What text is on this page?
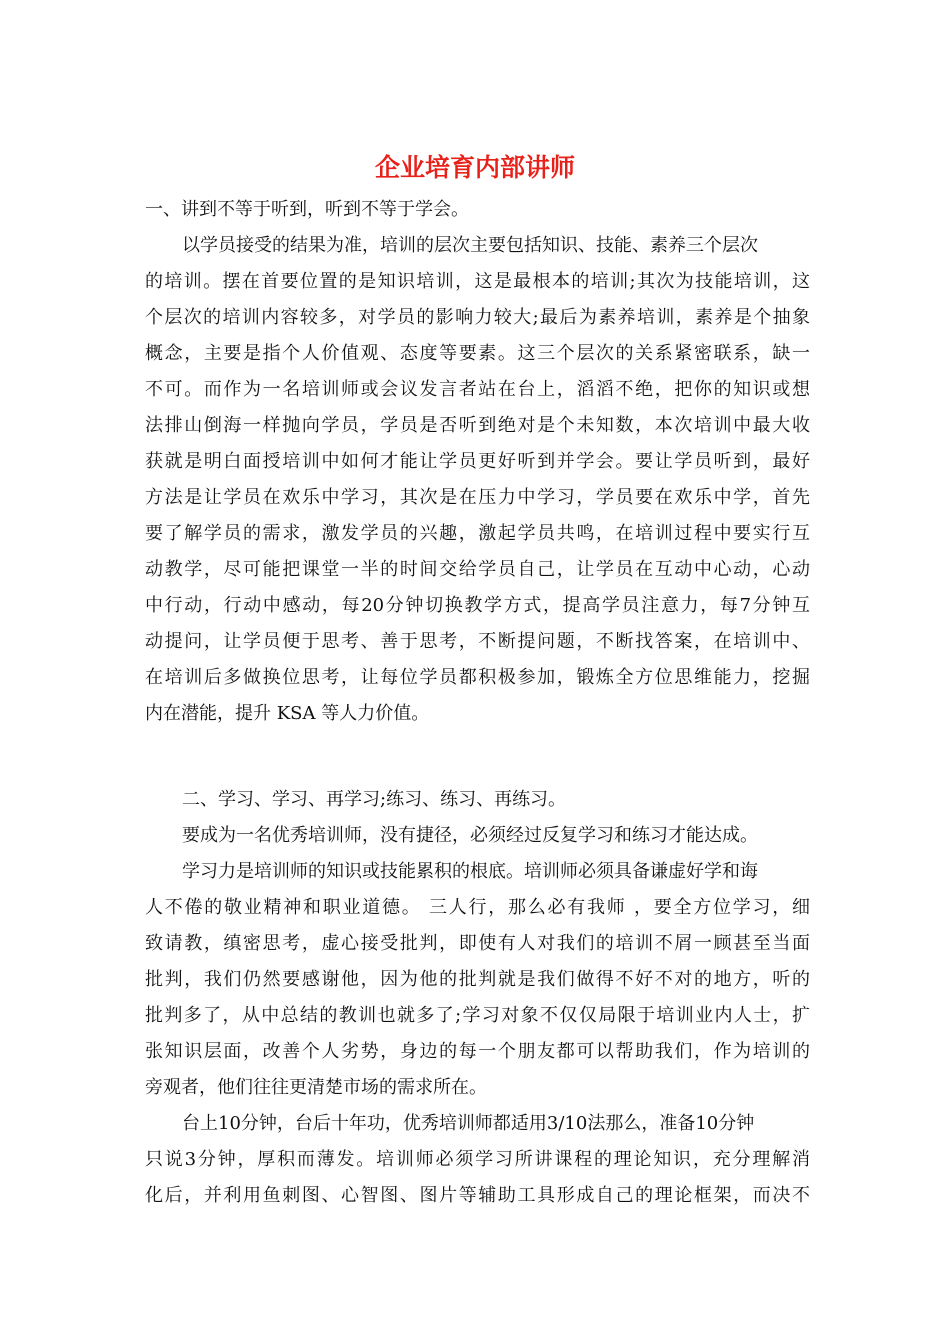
企业培育内部讲师
一、讲到不等于听到，听到不等于学会。
以学员接受的结果为准，培训的层次主要包括知识、技能、素养三个层次
的培训。摆在首要位置的是知识培训，这是最根本的培训;其次为技能培训，这
个层次的培训内容较多，对学员的影响力较大;最后为素养培训，素养是个抽象
概念，主要是指个人价值观、态度等要素。这三个层次的关系紧密联系，缺一
不可。而作为一名培训师或会议发言者站在台上，滔滔不绝，把你的知识或想
法排山倒海一样抛向学员，学员是否听到绝对是个未知数，本次培训中最大收
获就是明白面授培训中如何才能让学员更好听到并学会。要让学员听到，最好
方法是让学员在欢乐中学习，其次是在压力中学习，学员要在欢乐中学，首先
要了解学员的需求，激发学员的兴趣，激起学员共鸣，在培训过程中要实行互
动教学，尽可能把课堂一半的时间交给学员自己，让学员在互动中心动，心动
中行动，行动中感动，每20分钟切换教学方式，提高学员注意力，每7分钟互
动提问，让学员便于思考、善于思考，不断提问题，不断找答案，在培训中、
在培训后多做换位思考，让每位学员都积极参加，锻炼全方位思维能力，挖掘
内在潜能，提升 KSA 等人力价值。
二、学习、学习、再学习;练习、练习、再练习。
要成为一名优秀培训师，没有捷径，必须经过反复学习和练习才能达成。
学习力是培训师的知识或技能累积的根底。培训师必须具备谦虚好学和诲
人不倦的敬业精神和职业道德。 三人行，那么必有我师 ，要全方位学习，细
致请教，缜密思考，虚心接受批判，即使有人对我们的培训不屑一顾甚至当面
批判，我们仍然要感谢他，因为他的批判就是我们做得不好不对的地方，听的
批判多了，从中总结的教训也就多了;学习对象不仅仅局限于培训业内人士，扩
张知识层面，改善个人劣势，身边的每一个朋友都可以帮助我们，作为培训的
旁观者，他们往往更清楚市场的需求所在。
台上10分钟，台后十年功，优秀培训师都适用3/10法那么，准备10分钟
只说3分钟，厚积而薄发。培训师必须学习所讲课程的理论知识，充分理解消
化后，并利用鱼刺图、心智图、图片等辅助工具形成自己的理论框架，而决不
